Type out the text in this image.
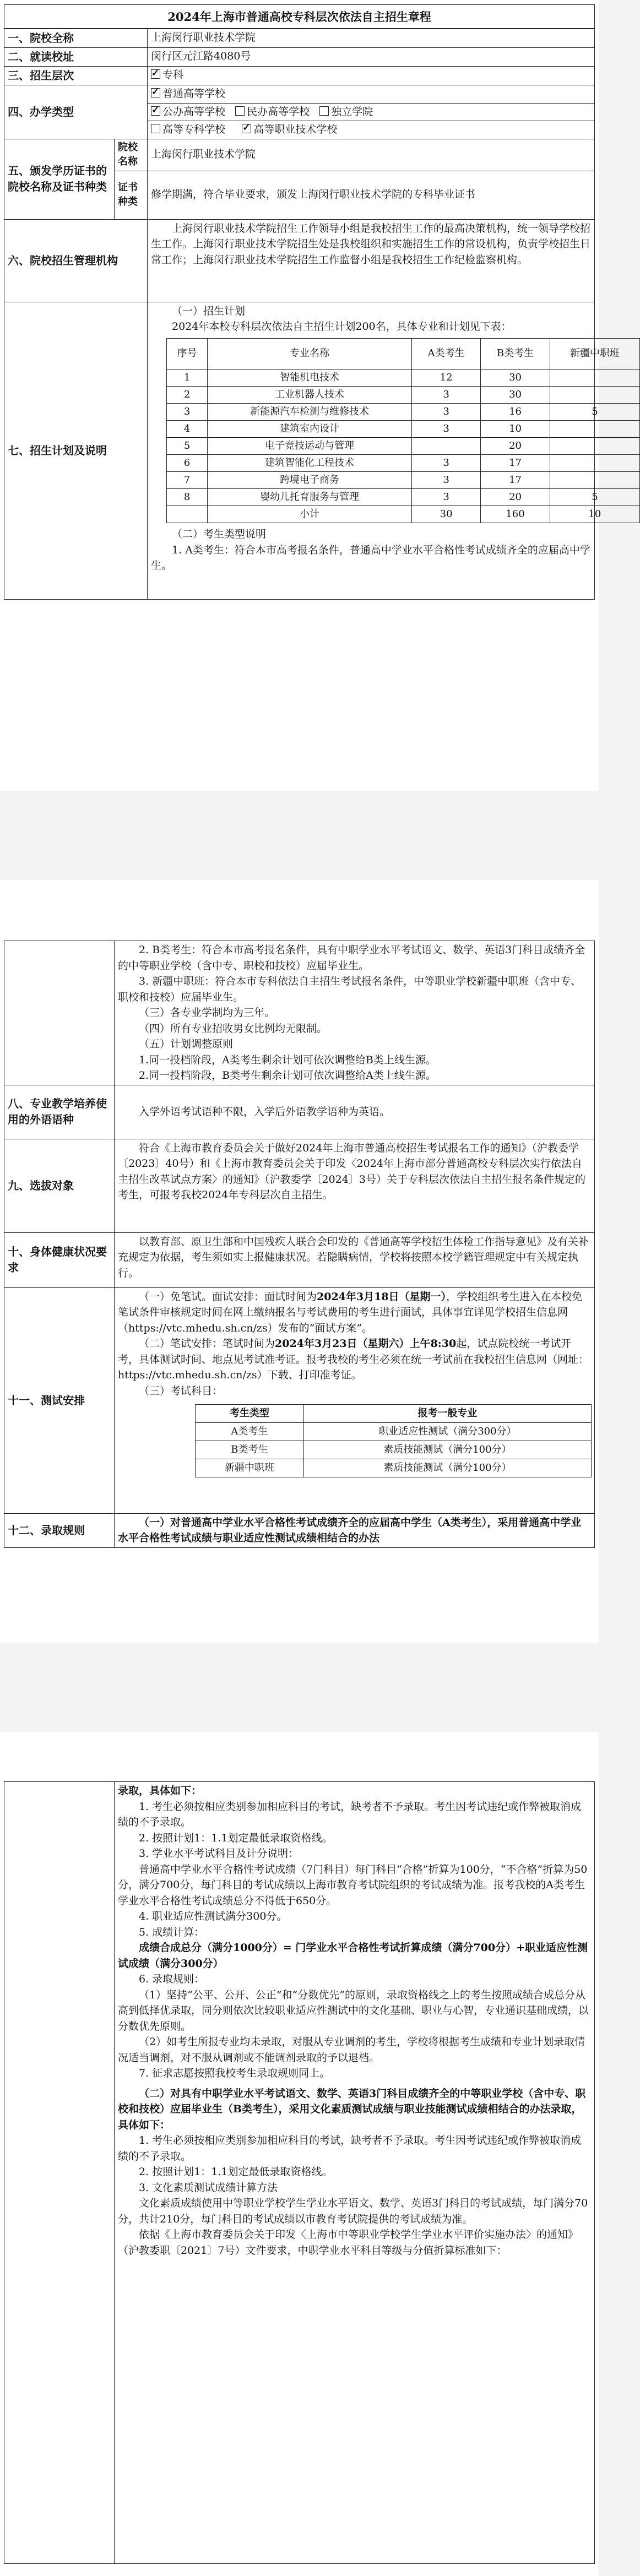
2024年上海市普通高校专科层次依法自主招生章程
一、院校全称	上海闵行职业技术学院
二、就读校址	闵行区元江路4080号
三、招生层次	✓专科
四、办学类型	
✓普通高等学校
✓公办高等学校 民办高等学校 独立学院
高等专科学校     ✓	高等职业技术学校

五、颁发学历证书的院校名称及证书种类	院校名称	上海闵行职业技术学院
证书种类	修学期满，符合毕业要求，颁发上海闵行职业技术学院的专科毕业证书
六、院校招生管理机构	

上海闵行职业技术学院招生工作领导小组是我校招生工作的最高决策机构，统一领导学校招生工作。上海闵行职业技术学院招生处是我校组织和实施招生工作的常设机构，负责学校招生日常工作；上海闵行职业技术学院招生工作监督小组是我校招生工作纪检监察机构。

七、招生计划及说明	

（一）招生计划

2024年本校专科层次依法自主招生计划200名，具体专业和计划见下表：

序号	专业名称	A类考生	B类考生	新疆中职班
1	智能机电技术	12	30	
2	工业机器人技术	3	30	
3	新能源汽车检测与维修技术	3	16	5
4	建筑室内设计	3	10	
5	电子竞技运动与管理		20	
6	建筑智能化工程技术	3	17	
7	跨境电子商务	3	17	
8	婴幼儿托育服务与管理	3	20	5
	小计	30	160	10

（二）考生类型说明

1. A类考生：符合本市高考报名条件，普通高中学业水平合格性考试成绩齐全的应届高中学生。

2. B类考生：符合本市高考报名条件，具有中职学业水平考试语文、数学、英语3门科目成绩齐全的中等职业学校（含中专、职校和技校）应届毕业生。

3. 新疆中职班：符合本市专科依法自主招生考试报名条件，中等职业学校新疆中职班（含中专、职校和技校）应届毕业生。

（三）各专业学制均为三年。

（四）所有专业招收男女比例均无限制。

（五）计划调整原则

1.同一投档阶段，A类考生剩余计划可依次调整给B类上线生源。

2.同一投档阶段，B类考生剩余计划可依次调整给A类上线生源。

八、专业教学培养使用的外语语种	

入学外语考试语种不限，入学后外语教学语种为英语。

九、选拔对象	

符合《上海市教育委员会关于做好2024年上海市普通高校招生考试报名工作的通知》（沪教委学〔2023〕40号）和《上海市教育委员会关于印发〈2024年上海市部分普通高校专科层次实行依法自主招生改革试点方案〉的通知》（沪教委学〔2024〕3号）关于专科层次依法自主招生报名条件规定的考生，可报考我校2024年专科层次自主招生。

十、身体健康状况要求	

以教育部、原卫生部和中国残疾人联合会印发的《普通高等学校招生体检工作指导意见》及有关补充规定为依据，考生须如实上报健康状况。若隐瞒病情，学校将按照本校学籍管理规定中有关规定执行。

十一、测试安排	

（一）免笔试。面试安排：面试时间为2024年3月18日（星期一），学校组织考生进入在本校免笔试条件审核规定时间在网上缴纳报名与考试费用的考生进行面试，具体事宜详见学校招生信息网（https://vtc.mhedu.sh.cn/zs）发布的“面试方案”。

（二）笔试安排：笔试时间为2024年3月23日（星期六）上午8:30起，试点院校统一考试开考，具体测试时间、地点见考试准考证。报考我校的考生必须在统一考试前在我校招生信息网（网址：https://vtc.mhedu.sh.cn/zs）下载、打印准考证。

（三）考试科目：

考生类型	报考一般专业
A类考生	职业适应性测试（满分300分）
B类考生	素质技能测试（满分100分）
新疆中职班	素质技能测试（满分100分）

十二、录取规则	

（一）对普通高中学业水平合格性考试成绩齐全的应届高中学生（A类考生），采用普通高中学业水平合格性考试成绩与职业适应性测试成绩相结合的办法

录取，具体如下：

1. 考生必须按相应类别参加相应科目的考试，缺考者不予录取。考生因考试违纪或作弊被取消成绩的不予录取。

2. 按照计划1：1.1划定最低录取资格线。

3. 学业水平考试科目及计分说明：

普通高中学业水平合格性考试成绩（7门科目）每门科目“合格”折算为100分，“不合格”折算为50分，满分700分，每门科目的考试成绩以上海市教育考试院组织的考试成绩为准。报考我校的A类考生学业水平合格性考试成绩总分不得低于650分。

4. 职业适应性测试满分300分。

5. 成绩计算：

成绩合成总分（满分1000分）= 门学业水平合格性考试折算成绩（满分700分）+职业适应性测试成绩（满分300分）

6. 录取规则：

（1）坚持“公平、公开、公正”和“分数优先”的原则，录取资格线之上的考生按照成绩合成总分从高到低择优录取，同分则依次比较职业适应性测试中的文化基础、职业与心智，专业通识基础成绩，以分数优先原则。

（2）如考生所报专业均未录取，对服从专业调剂的考生，学校将根据考生成绩和专业计划录取情况适当调剂，对不服从调剂或不能调剂录取的予以退档。

7. 征求志愿按照我校考生录取规则同上。

（二）对具有中职学业水平考试语文、数学、英语3门科目成绩齐全的中等职业学校（含中专、职校和技校）应届毕业生（B类考生），采用文化素质测试成绩与职业技能测试成绩相结合的办法录取，具体如下：

1. 考生必须按相应类别参加相应科目的考试，缺考者不予录取。考生因考试违纪或作弊被取消成绩的不予录取。

2. 按照计划1：1.1划定最低录取资格线。

3. 文化素质测试成绩计算方法

文化素质成绩使用中等职业学校学生学业水平语文、数学、英语3门科目的考试成绩，每门满分70分，共计210分，每门科目的考试成绩以市教育考试院提供的考试成绩为准。

依据《上海市教育委员会关于印发〈上海市中等职业学校学生学业水平评价实施办法〉的通知》（沪教委职〔2021〕7号）文件要求，中职学业水平科目等级与分值折算标准如下：
